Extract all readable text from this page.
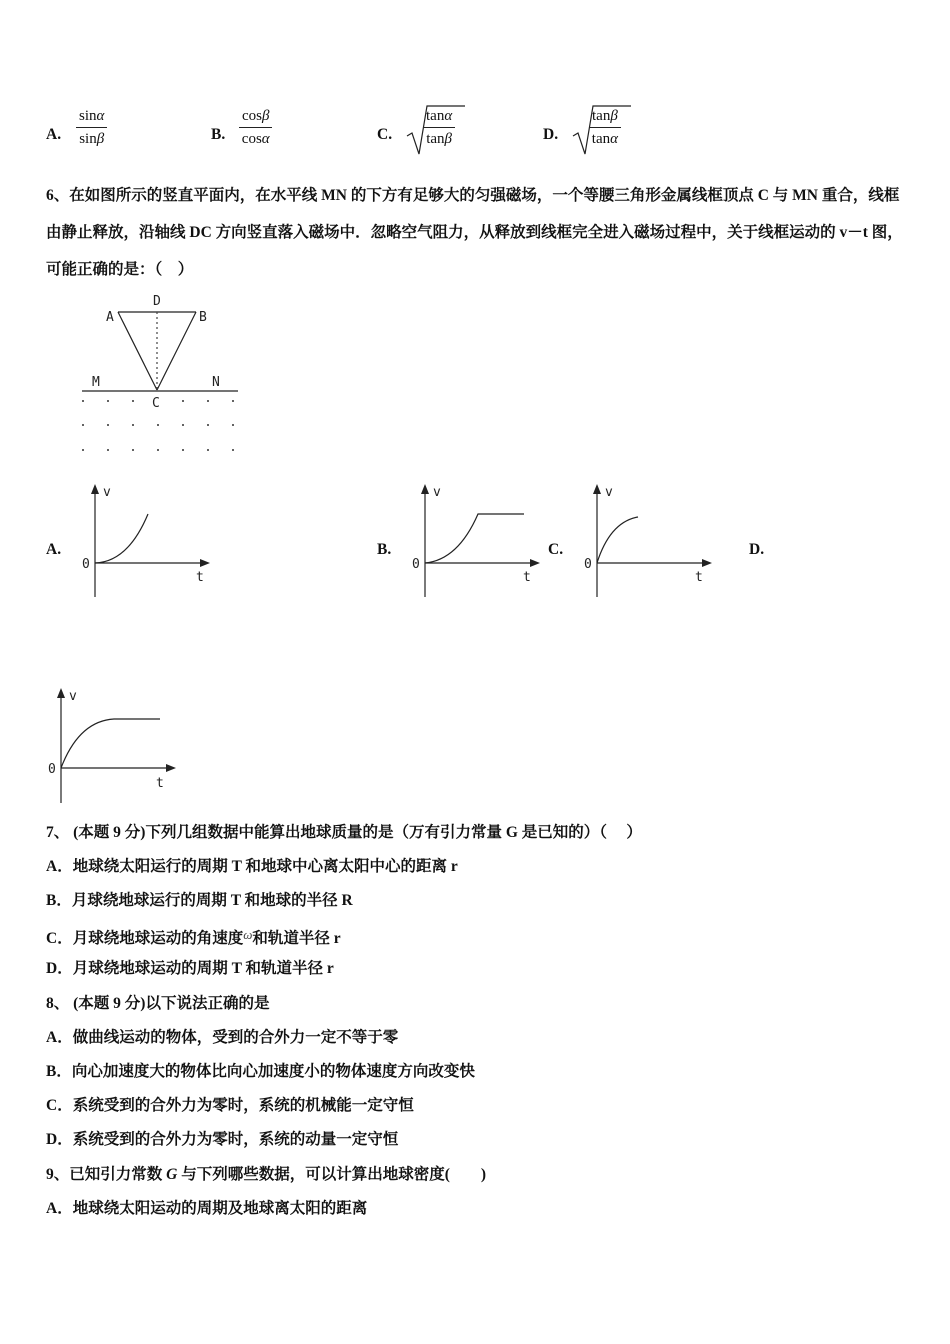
A. $\frac{\sin\alpha}{\sin\beta}$	B. $\frac{\cos\beta}{\cos\alpha}$	C. $\frac{\tan\alpha}{\tan\beta}$	D. $\frac{\tan\beta}{\tan\alpha}$
6、在如图所示的竖直平面内，在水平线 MN 的下方有足够大的匀强磁场，一个等腰三角形金属线框顶点 C 与 MN 重合，线框由静止释放，沿轴线 DC 方向竖直落入磁场中．忽略空气阻力，从释放到线框完全进入磁场过程中，关于线框运动的 v－t 图，可能正确的是：（　）
D
A	B
M	N
C
A.	B.	C.	D.
v
t
0
v
t
0
v
t
0
v
t
0
7、 (本题 9 分)下列几组数据中能算出地球质量的是（万有引力常量 G 是已知的）（　 ）
A．地球绕太阳运行的周期 T 和地球中心离太阳中心的距离 r
B．月球绕地球运行的周期 T 和地球的半径 R
C．月球绕地球运动的角速度$^\omega$和轨道半径 r
D．月球绕地球运动的周期 T 和轨道半径 r
8、 (本题 9 分)以下说法正确的是
A．做曲线运动的物体，受到的合外力一定不等于零
B．向心加速度大的物体比向心加速度小的物体速度方向改变快
C．系统受到的合外力为零时，系统的机械能一定守恒
D．系统受到的合外力为零时，系统的动量一定守恒
9、已知引力常数 G 与下列哪些数据，可以计算出地球密度(　　)
A．地球绕太阳运动的周期及地球离太阳的距离
